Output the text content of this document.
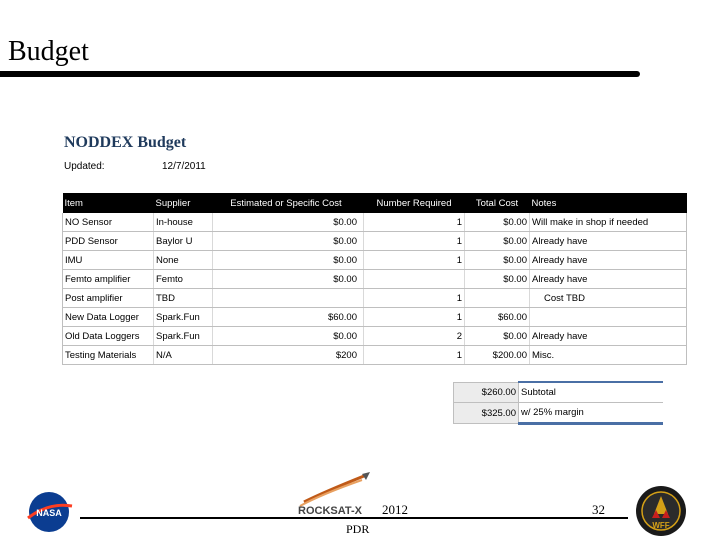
Budget
NODDEX Budget
Updated:	12/7/2011
Item	Supplier	Estimated or Specific Cost	Number Required	Total Cost	Notes
NO Sensor	In-house	$0.00	1	$0.00	Will make in shop if needed
PDD Sensor	Baylor U	$0.00	1	$0.00	Already have
IMU	None	$0.00	1	$0.00	Already have
Femto amplifier	Femto	$0.00		$0.00	Already have
Post amplifier	TBD		1		Cost TBD
New Data Logger	Spark.Fun	$60.00	1	$60.00	
Old Data Loggers	Spark.Fun	$0.00	2	$0.00	Already have
Testing Materials	N/A	$200	1	$200.00	Misc.
$260.00	Subtotal
$325.00	w/ 25% margin
NASA	ROCKSAT-X 2012	32
WFF
PDR
